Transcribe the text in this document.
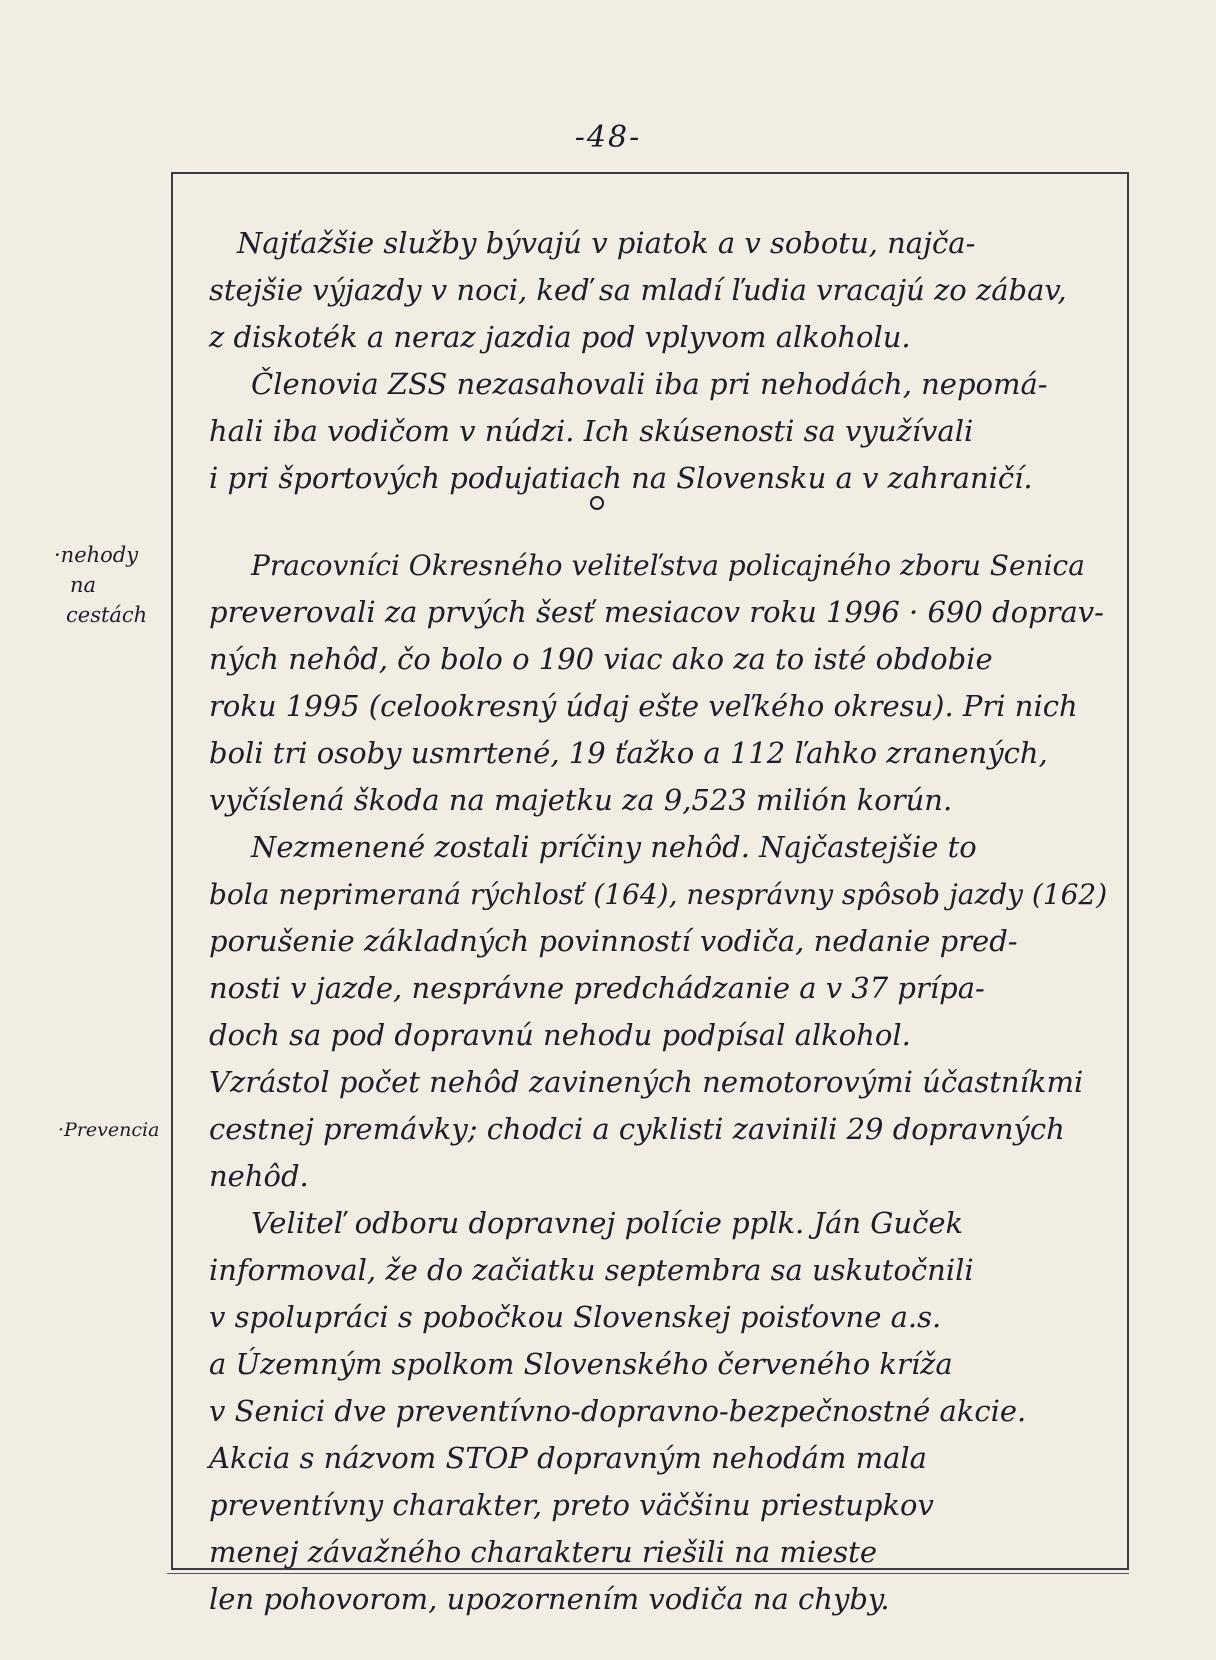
-48-
·nehody
na
cestách
·Prevencia
Najťažšie služby bývajú v piatok a v sobotu, najča-
stejšie výjazdy v noci, keď sa mladí ľudia vracajú zo zábav,
z diskoték a neraz jazdia pod vplyvom alkoholu.
Členovia ZSS nezasahovali iba pri nehodách, nepomá-
hali iba vodičom v núdzi. Ich skúsenosti sa využívali
i pri športových podujatiach na Slovensku a v zahraničí.
Pracovníci Okresného veliteľstva policajného zboru Senica
preverovali za prvých šesť mesiacov roku 1996 · 690 doprav-
ných nehôd, čo bolo o 190 viac ako za to isté obdobie
roku 1995 (celookresný údaj ešte veľkého okresu). Pri nich
boli tri osoby usmrtené, 19 ťažko a 112 ľahko zranených,
vyčíslená škoda na majetku za 9,523 milión korún.
Nezmenené zostali príčiny nehôd. Najčastejšie to
bola neprimeraná rýchlosť (164), nesprávny spôsob jazdy (162)
porušenie základných povinností vodiča, nedanie pred-
nosti v jazde, nesprávne predchádzanie a v 37 prípa-
doch sa pod dopravnú nehodu podpísal alkohol.
Vzrástol počet nehôd zavinených nemotorovými účastníkmi
cestnej premávky; chodci a cyklisti zavinili 29 dopravných
nehôd.
Veliteľ odboru dopravnej polície pplk. Ján Guček
informoval, že do začiatku septembra sa uskutočnili
v spolupráci s pobočkou Slovenskej poisťovne a.s.
a Územným spolkom Slovenského červeného kríža
v Senici dve preventívno-dopravno-bezpečnostné akcie.
Akcia s názvom STOP dopravným nehodám mala
preventívny charakter, preto väčšinu priestupkov
menej závažného charakteru riešili na mieste
len pohovorom, upozornením vodiča na chyby.
